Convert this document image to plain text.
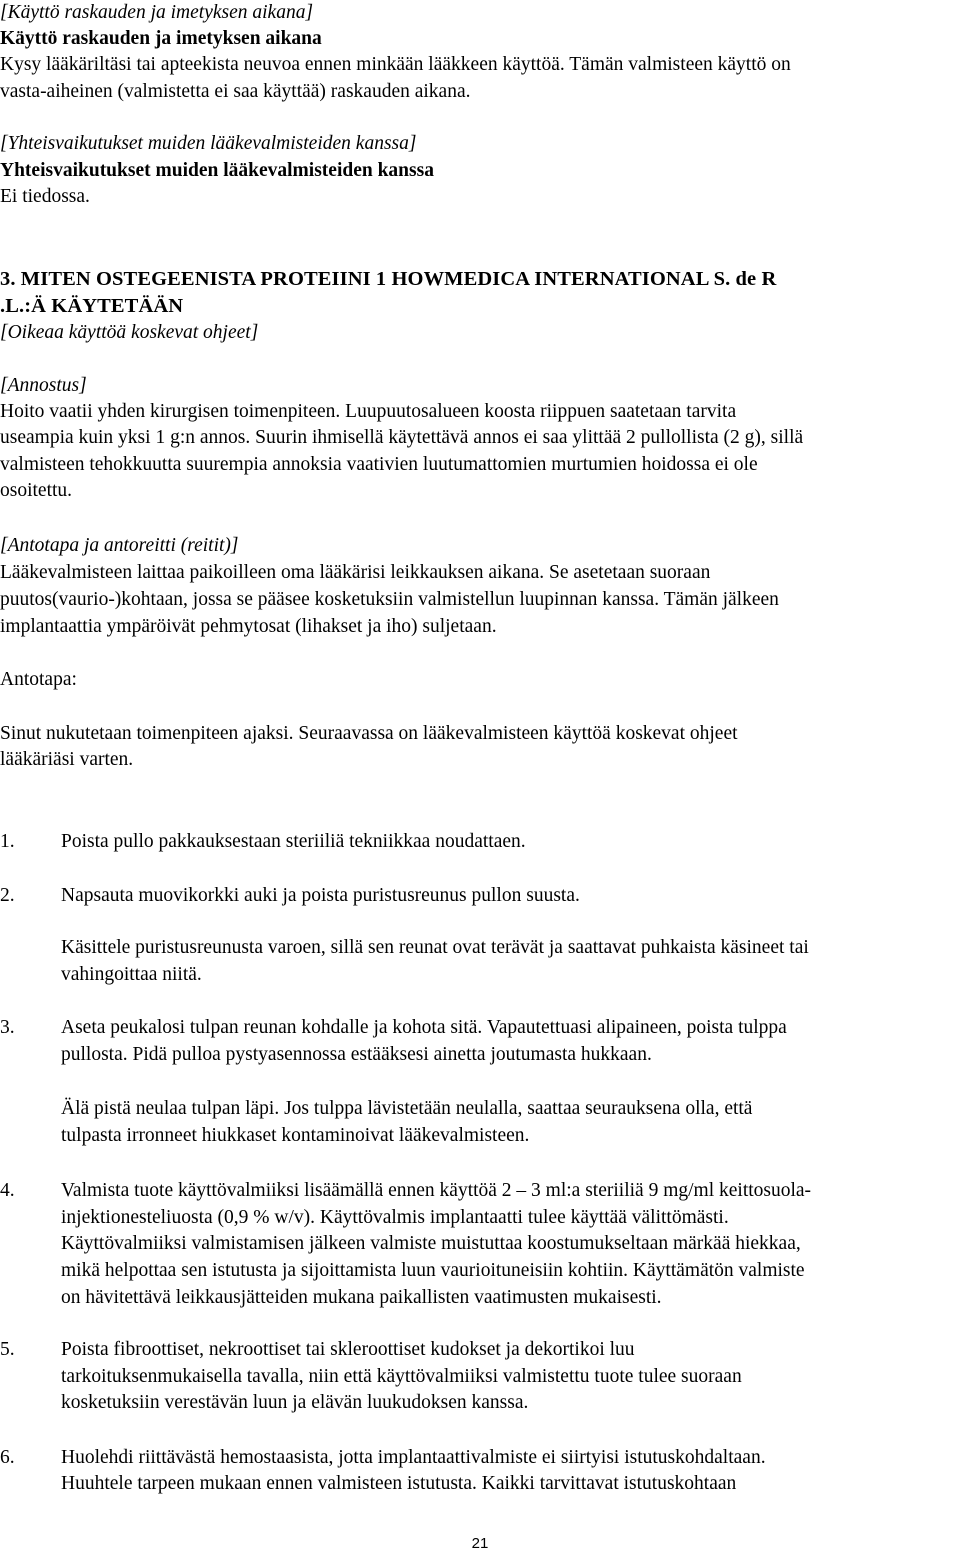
[Käyttö raskauden ja imetyksen aikana]

Käyttö raskauden ja imetyksen aikana

Kysy lääkäriltäsi tai apteekista neuvoa ennen minkään lääkkeen käyttöä. Tämän valmisteen käyttö on

vasta-aiheinen (valmistetta ei saa käyttää) raskauden aikana.

[Yhteisvaikutukset muiden lääkevalmisteiden kanssa]

Yhteisvaikutukset muiden lääkevalmisteiden kanssa

Ei tiedossa.

3. MITEN OSTEGEENISTA PROTEIINI 1 HOWMEDICA INTERNATIONAL S. de R

.L.:Ä KÄYTETÄÄN

[Oikeaa käyttöä koskevat ohjeet]

[Annostus]

Hoito vaatii yhden kirurgisen toimenpiteen. Luupuutosalueen koosta riippuen saatetaan tarvita

useampia kuin yksi 1 g:n annos. Suurin ihmisellä käytettävä annos ei saa ylittää 2 pullollista (2 g), sillä

valmisteen tehokkuutta suurempia annoksia vaativien luutumattomien murtumien hoidossa ei ole

osoitettu.

[Antotapa ja antoreitti (reitit)]

Lääkevalmisteen laittaa paikoilleen oma lääkärisi leikkauksen aikana. Se asetetaan suoraan

puutos(vaurio-)kohtaan, jossa se pääsee kosketuksiin valmistellun luupinnan kanssa. Tämän jälkeen

implantaattia ympäröivät pehmytosat (lihakset ja iho) suljetaan.

Antotapa:

Sinut nukutetaan toimenpiteen ajaksi. Seuraavassa on lääkevalmisteen käyttöä koskevat ohjeet

lääkäriäsi varten.

1. Poista pullo pakkauksestaan steriiliä tekniikkaa noudattaen.
2. Napsauta muovikorkki auki ja poista puristusreunus pullon suusta.
Käsittele puristusreunusta varoen, sillä sen reunat ovat terävät ja saattavat puhkaista käsineet tai
vahingoittaa niitä.
3. Aseta peukalosi tulpan reunan kohdalle ja kohota sitä. Vapautettuasi alipaineen, poista tulppa
pullosta. Pidä pulloa pystyasennossa estääksesi ainetta joutumasta hukkaan.
Älä pistä neulaa tulpan läpi. Jos tulppa lävistetään neulalla, saattaa seurauksena olla, että
tulpasta irronneet hiukkaset kontaminoivat lääkevalmisteen.
4. Valmista tuote käyttövalmiiksi lisäämällä ennen käyttöä 2 – 3 ml:a steriiliä 9 mg/ml keittosuola-
injektionesteliuosta (0,9 % w/v). Käyttövalmis implantaatti tulee käyttää välittömästi.
Käyttövalmiiksi valmistamisen jälkeen valmiste muistuttaa koostumukseltaan märkää hiekkaa,
mikä helpottaa sen istutusta ja sijoittamista luun vaurioituneisiin kohtiin. Käyttämätön valmiste
on hävitettävä leikkausjätteiden mukana paikallisten vaatimusten mukaisesti.
5. Poista fibroottiset, nekroottiset tai skleroottiset kudokset ja dekortikoi luu
tarkoituksenmukaisella tavalla, niin että käyttövalmiiksi valmistettu tuote tulee suoraan
kosketuksiin verestävän luun ja elävän luukudoksen kanssa.
6. Huolehdi riittävästä hemostaasista, jotta implantaattivalmiste ei siirtyisi istutuskohdaltaan.
Huuhtele tarpeen mukaan ennen valmisteen istutusta. Kaikki tarvittavat istutuskohtaan
21
